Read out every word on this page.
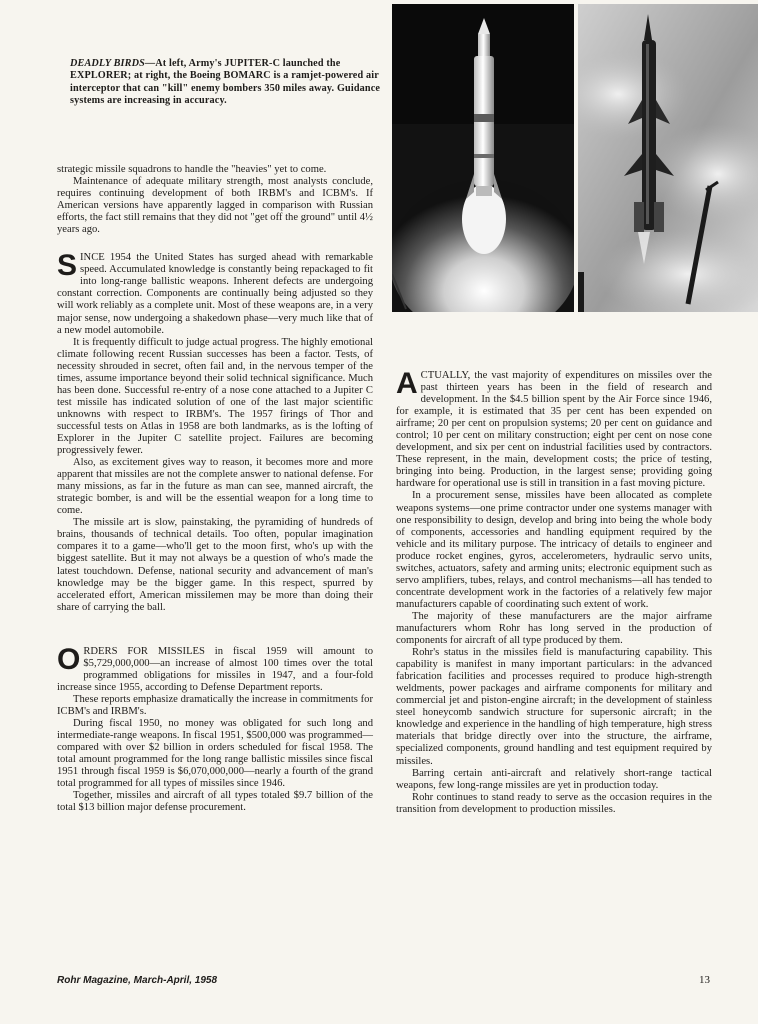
DEADLY BIRDS—At left, Army's JUPITER-C launched the EXPLORER; at right, the Boeing BOMARC is a ramjet-powered air interceptor that can "kill" enemy bombers 350 miles away. Guidance systems are increasing in accuracy.

strategic missile squadrons to handle the "heavies" yet to come.

Maintenance of adequate military strength, most analysts conclude, requires continuing development of both IRBM's and ICBM's. If American versions have apparently lagged in comparison with Russian efforts, the fact still remains that they did not "get off the ground" until 4½ years ago.

SINCE 1954 the United States has surged ahead with remarkable speed. Accumulated knowledge is constantly being repackaged to fit into long-range ballistic weapons. Inherent defects are undergoing constant correction. Components are continually being adjusted so they will work reliably as a complete unit. Most of these weapons are, in a very major sense, now undergoing a shakedown phase—very much like that of a new model automobile.

It is frequently difficult to judge actual progress. The highly emotional climate following recent Russian successes has been a factor. Tests, of necessity shrouded in secret, often fail and, in the nervous temper of the times, assume importance beyond their solid technical significance. Much has been done. Successful re-entry of a nose cone attached to a Jupiter C test missile has indicated solution of one of the last major scientific unknowns with respect to IRBM's. The 1957 firings of Thor and successful tests on Atlas in 1958 are both landmarks, as is the lofting of Explorer in the Jupiter C satellite project. Failures are becoming progressively fewer.

Also, as excitement gives way to reason, it becomes more and more apparent that missiles are not the complete answer to national defense. For many missions, as far in the future as man can see, manned aircraft, the strategic bomber, is and will be the essential weapon for a long time to come.

The missile art is slow, painstaking, the pyramiding of hundreds of brains, thousands of technical details. Too often, popular imagination compares it to a game—who'll get to the moon first, who's up with the biggest satellite. But it may not always be a question of who's made the latest touchdown. Defense, national security and advancement of man's knowledge may be the bigger game. In this respect, spurred by accelerated effort, American missilemen may be more than doing their share of carrying the ball.

ORDERS FOR MISSILES in fiscal 1959 will amount to $5,729,000,000—an increase of almost 100 times over the total programmed obligations for missiles in 1947, and a four-fold increase since 1955, according to Defense Department reports.

These reports emphasize dramatically the increase in commitments for ICBM's and IRBM's.

During fiscal 1950, no money was obligated for such long and intermediate-range weapons. In fiscal 1951, $500,000 was programmed—compared with over $2 billion in orders scheduled for fiscal 1958. The total amount programmed for the long range ballistic missiles since fiscal 1951 through fiscal 1959 is $6,070,000,000—nearly a fourth of the grand total programmed for all types of missiles since 1946.

Together, missiles and aircraft of all types totaled $9.7 billion of the total $13 billion major defense procurement.

ACTUALLY, the vast majority of expenditures on missiles over the past thirteen years has been in the field of research and development. In the $4.5 billion spent by the Air Force since 1946, for example, it is estimated that 35 per cent has been expended on airframe; 20 per cent on propulsion systems; 20 per cent on guidance and control; 10 per cent on military construction; eight per cent on nose cone development, and six per cent on industrial facilities used by contractors. These represent, in the main, development costs; the price of testing, bringing into being. Production, in the largest sense; providing going hardware for operational use is still in transition in a fast moving picture.

In a procurement sense, missiles have been allocated as complete weapons systems—one prime contractor under one systems manager with one responsibility to design, develop and bring into being the whole body of components, accessories and handling equipment required by the vehicle and its military purpose. The intricacy of details to engineer and produce rocket engines, gyros, accelerometers, hydraulic servo units, switches, actuators, safety and arming units; electronic equipment such as servo amplifiers, tubes, relays, and control mechanisms—all has tended to concentrate development work in the factories of a relatively few major manufacturers capable of coordinating such extent of work.

The majority of these manufacturers are the major airframe manufacturers whom Rohr has long served in the production of components for aircraft of all type produced by them.

Rohr's status in the missiles field is manufacturing capability. This capability is manifest in many important particulars: in the advanced fabrication facilities and processes required to produce high-strength weldments, power packages and airframe components for military and commercial jet and piston-engine aircraft; in the development of stainless steel honeycomb sandwich structure for supersonic aircraft; in the knowledge and experience in the handling of high temperature, high stress materials that bridge directly over into the structure, the airframe, specialized components, ground handling and test equipment required by missiles.

Barring certain anti-aircraft and relatively short-range tactical weapons, few long-range missiles are yet in production today.

Rohr continues to stand ready to serve as the occasion requires in the transition from development to production missiles.

Rohr Magazine, March-April, 1958	13
